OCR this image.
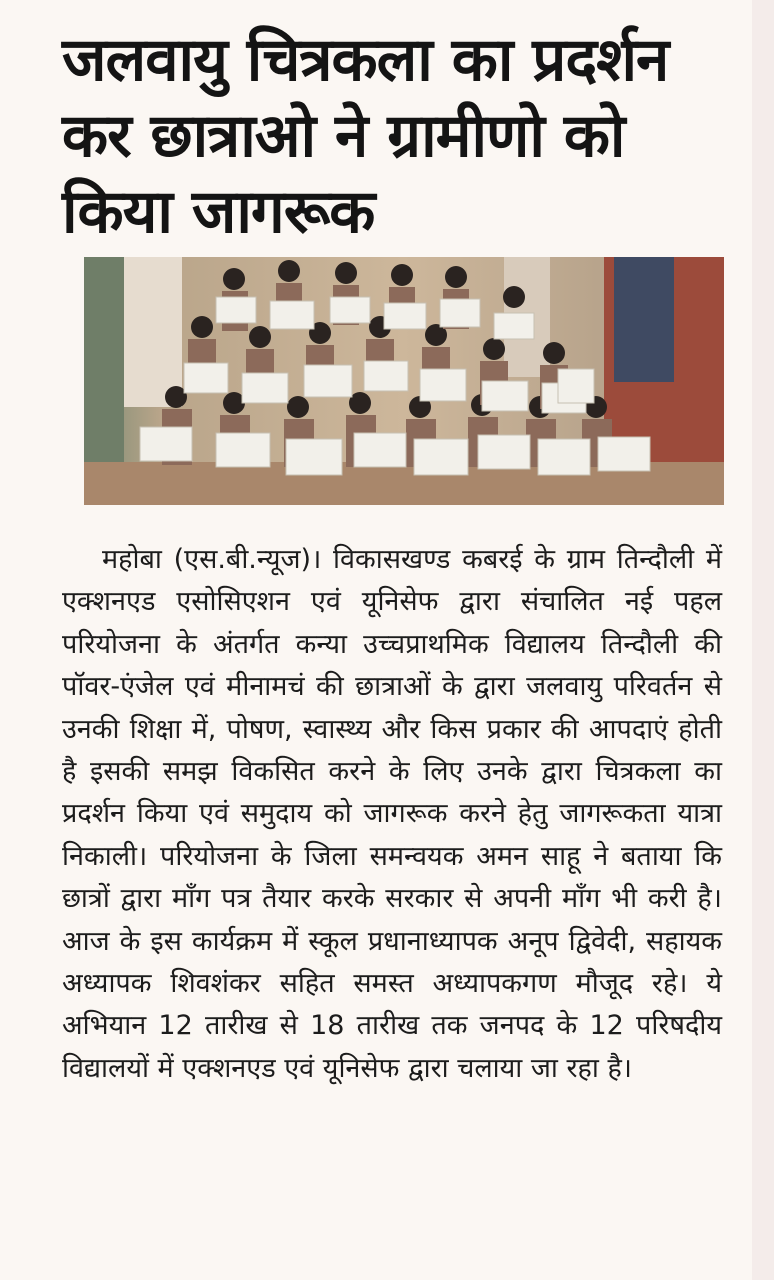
जलवायु चित्रकला का प्रदर्शन कर छात्राओ ने ग्रामीणो को किया जागरूक

महोबा (एस.बी.न्यूज)। विकासखण्ड कबरई के ग्राम तिन्दौली में एक्शनएड एसोसिएशन एवं यूनिसेफ द्वारा संचालित नई पहल परियोजना के अंतर्गत कन्या उच्चप्राथमिक विद्यालय तिन्दौली की पॉवर-एंजेल एवं मीनामचं की छात्राओं के द्वारा जलवायु परिवर्तन से उनकी शिक्षा में, पोषण, स्वास्थ्य और किस प्रकार की आपदाएं होती है इसकी समझ विकसित करने के लिए उनके द्वारा चित्रकला का प्रदर्शन किया एवं समुदाय को जागरूक करने हेतु जागरूकता यात्रा निकाली। परियोजना के जिला समन्वयक अमन साहू ने बताया कि छात्रों द्वारा माँग पत्र तैयार करके सरकार से अपनी माँग भी करी है। आज के इस कार्यक्रम में स्कूल प्रधानाध्यापक अनूप द्विवेदी, सहायक अध्यापक शिवशंकर सहित समस्त अध्यापकगण मौजूद रहे। ये अभियान 12 तारीख से 18 तारीख तक जनपद के 12 परिषदीय विद्यालयों में एक्शनएड एवं यूनिसेफ द्वारा चलाया जा रहा है।
